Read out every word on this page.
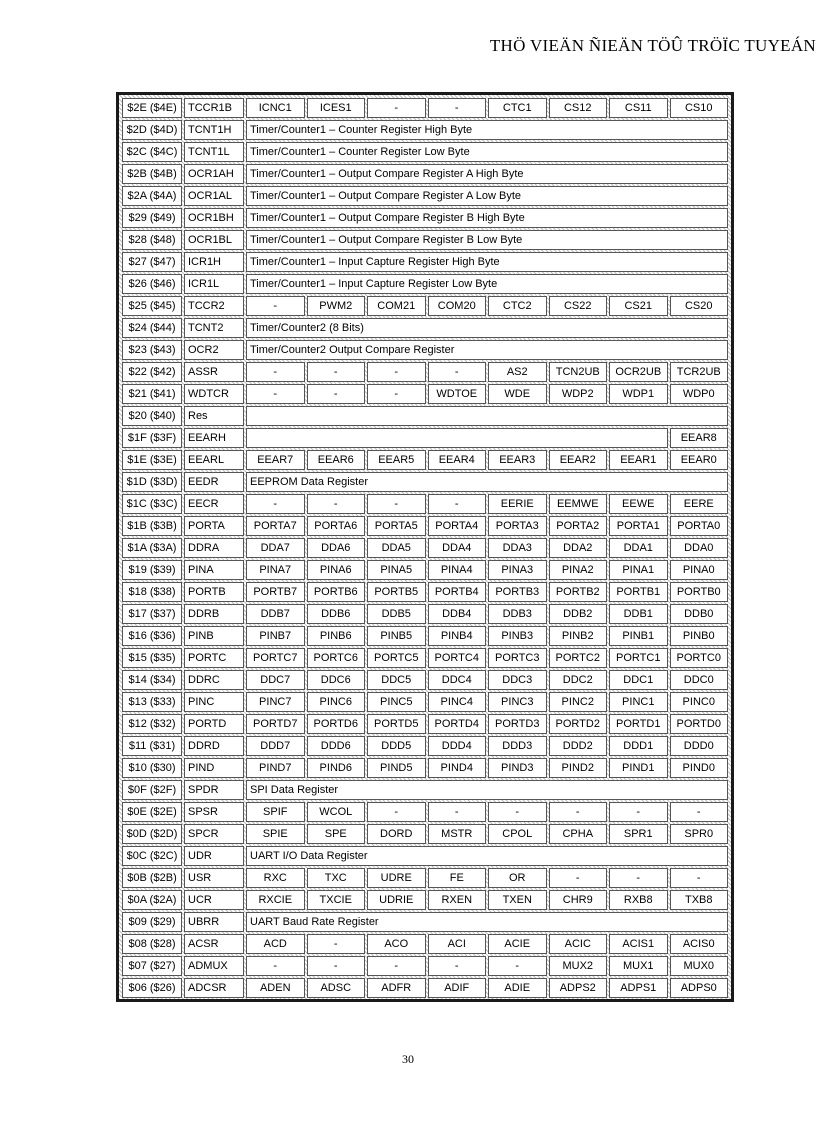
THÖ VIEÄN ÑIEÄN TÖÛ TRÖÏC TUYEÁN
$2E ($4E)	TCCR1B	ICNC1	ICES1	-	-	CTC1	CS12	CS11	CS10
$2D ($4D)	TCNT1H	Timer/Counter1 – Counter Register High Byte							
$2C ($4C)	TCNT1L	Timer/Counter1 – Counter Register Low Byte							
$2B ($4B)	OCR1AH	Timer/Counter1 – Output Compare Register A High Byte							
$2A ($4A)	OCR1AL	Timer/Counter1 – Output Compare Register A Low Byte							
$29 ($49)	OCR1BH	Timer/Counter1 – Output Compare Register B High Byte							
$28 ($48)	OCR1BL	Timer/Counter1 – Output Compare Register B Low Byte							
$27 ($47)	ICR1H	Timer/Counter1 – Input Capture Register High Byte							
$26 ($46)	ICR1L	Timer/Counter1 – Input Capture Register Low Byte							
$25 ($45)	TCCR2	-	PWM2	COM21	COM20	CTC2	CS22	CS21	CS20
$24 ($44)	TCNT2	Timer/Counter2 (8 Bits)							
$23 ($43)	OCR2	Timer/Counter2 Output Compare Register							
$22 ($42)	ASSR	-	-	-	-	AS2	TCN2UB	OCR2UB	TCR2UB
$21 ($41)	WDTCR	-	-	-	WDTOE	WDE	WDP2	WDP1	WDP0
$20 ($40)	Res								
$1F ($3F)	EEARH								EEAR8
$1E ($3E)	EEARL	EEAR7	EEAR6	EEAR5	EEAR4	EEAR3	EEAR2	EEAR1	EEAR0
$1D ($3D)	EEDR	EEPROM Data Register							
$1C ($3C)	EECR	-	-	-	-	EERIE	EEMWE	EEWE	EERE
$1B ($3B)	PORTA	PORTA7	PORTA6	PORTA5	PORTA4	PORTA3	PORTA2	PORTA1	PORTA0
$1A ($3A)	DDRA	DDA7	DDA6	DDA5	DDA4	DDA3	DDA2	DDA1	DDA0
$19 ($39)	PINA	PINA7	PINA6	PINA5	PINA4	PINA3	PINA2	PINA1	PINA0
$18 ($38)	PORTB	PORTB7	PORTB6	PORTB5	PORTB4	PORTB3	PORTB2	PORTB1	PORTB0
$17 ($37)	DDRB	DDB7	DDB6	DDB5	DDB4	DDB3	DDB2	DDB1	DDB0
$16 ($36)	PINB	PINB7	PINB6	PINB5	PINB4	PINB3	PINB2	PINB1	PINB0
$15 ($35)	PORTC	PORTC7	PORTC6	PORTC5	PORTC4	PORTC3	PORTC2	PORTC1	PORTC0
$14 ($34)	DDRC	DDC7	DDC6	DDC5	DDC4	DDC3	DDC2	DDC1	DDC0
$13 ($33)	PINC	PINC7	PINC6	PINC5	PINC4	PINC3	PINC2	PINC1	PINC0
$12 ($32)	PORTD	PORTD7	PORTD6	PORTD5	PORTD4	PORTD3	PORTD2	PORTD1	PORTD0
$11 ($31)	DDRD	DDD7	DDD6	DDD5	DDD4	DDD3	DDD2	DDD1	DDD0
$10 ($30)	PIND	PIND7	PIND6	PIND5	PIND4	PIND3	PIND2	PIND1	PIND0
$0F ($2F)	SPDR	SPI Data Register							
$0E ($2E)	SPSR	SPIF	WCOL	-	-	-	-	-	-
$0D ($2D)	SPCR	SPIE	SPE	DORD	MSTR	CPOL	CPHA	SPR1	SPR0
$0C ($2C)	UDR	UART I/O Data Register							
$0B ($2B)	USR	RXC	TXC	UDRE	FE	OR	-	-	-
$0A ($2A)	UCR	RXCIE	TXCIE	UDRIE	RXEN	TXEN	CHR9	RXB8	TXB8
$09 ($29)	UBRR	UART Baud Rate Register							
$08 ($28)	ACSR	ACD	-	ACO	ACI	ACIE	ACIC	ACIS1	ACIS0
$07 ($27)	ADMUX	-	-	-	-	-	MUX2	MUX1	MUX0
$06 ($26)	ADCSR	ADEN	ADSC	ADFR	ADIF	ADIE	ADPS2	ADPS1	ADPS0
30
